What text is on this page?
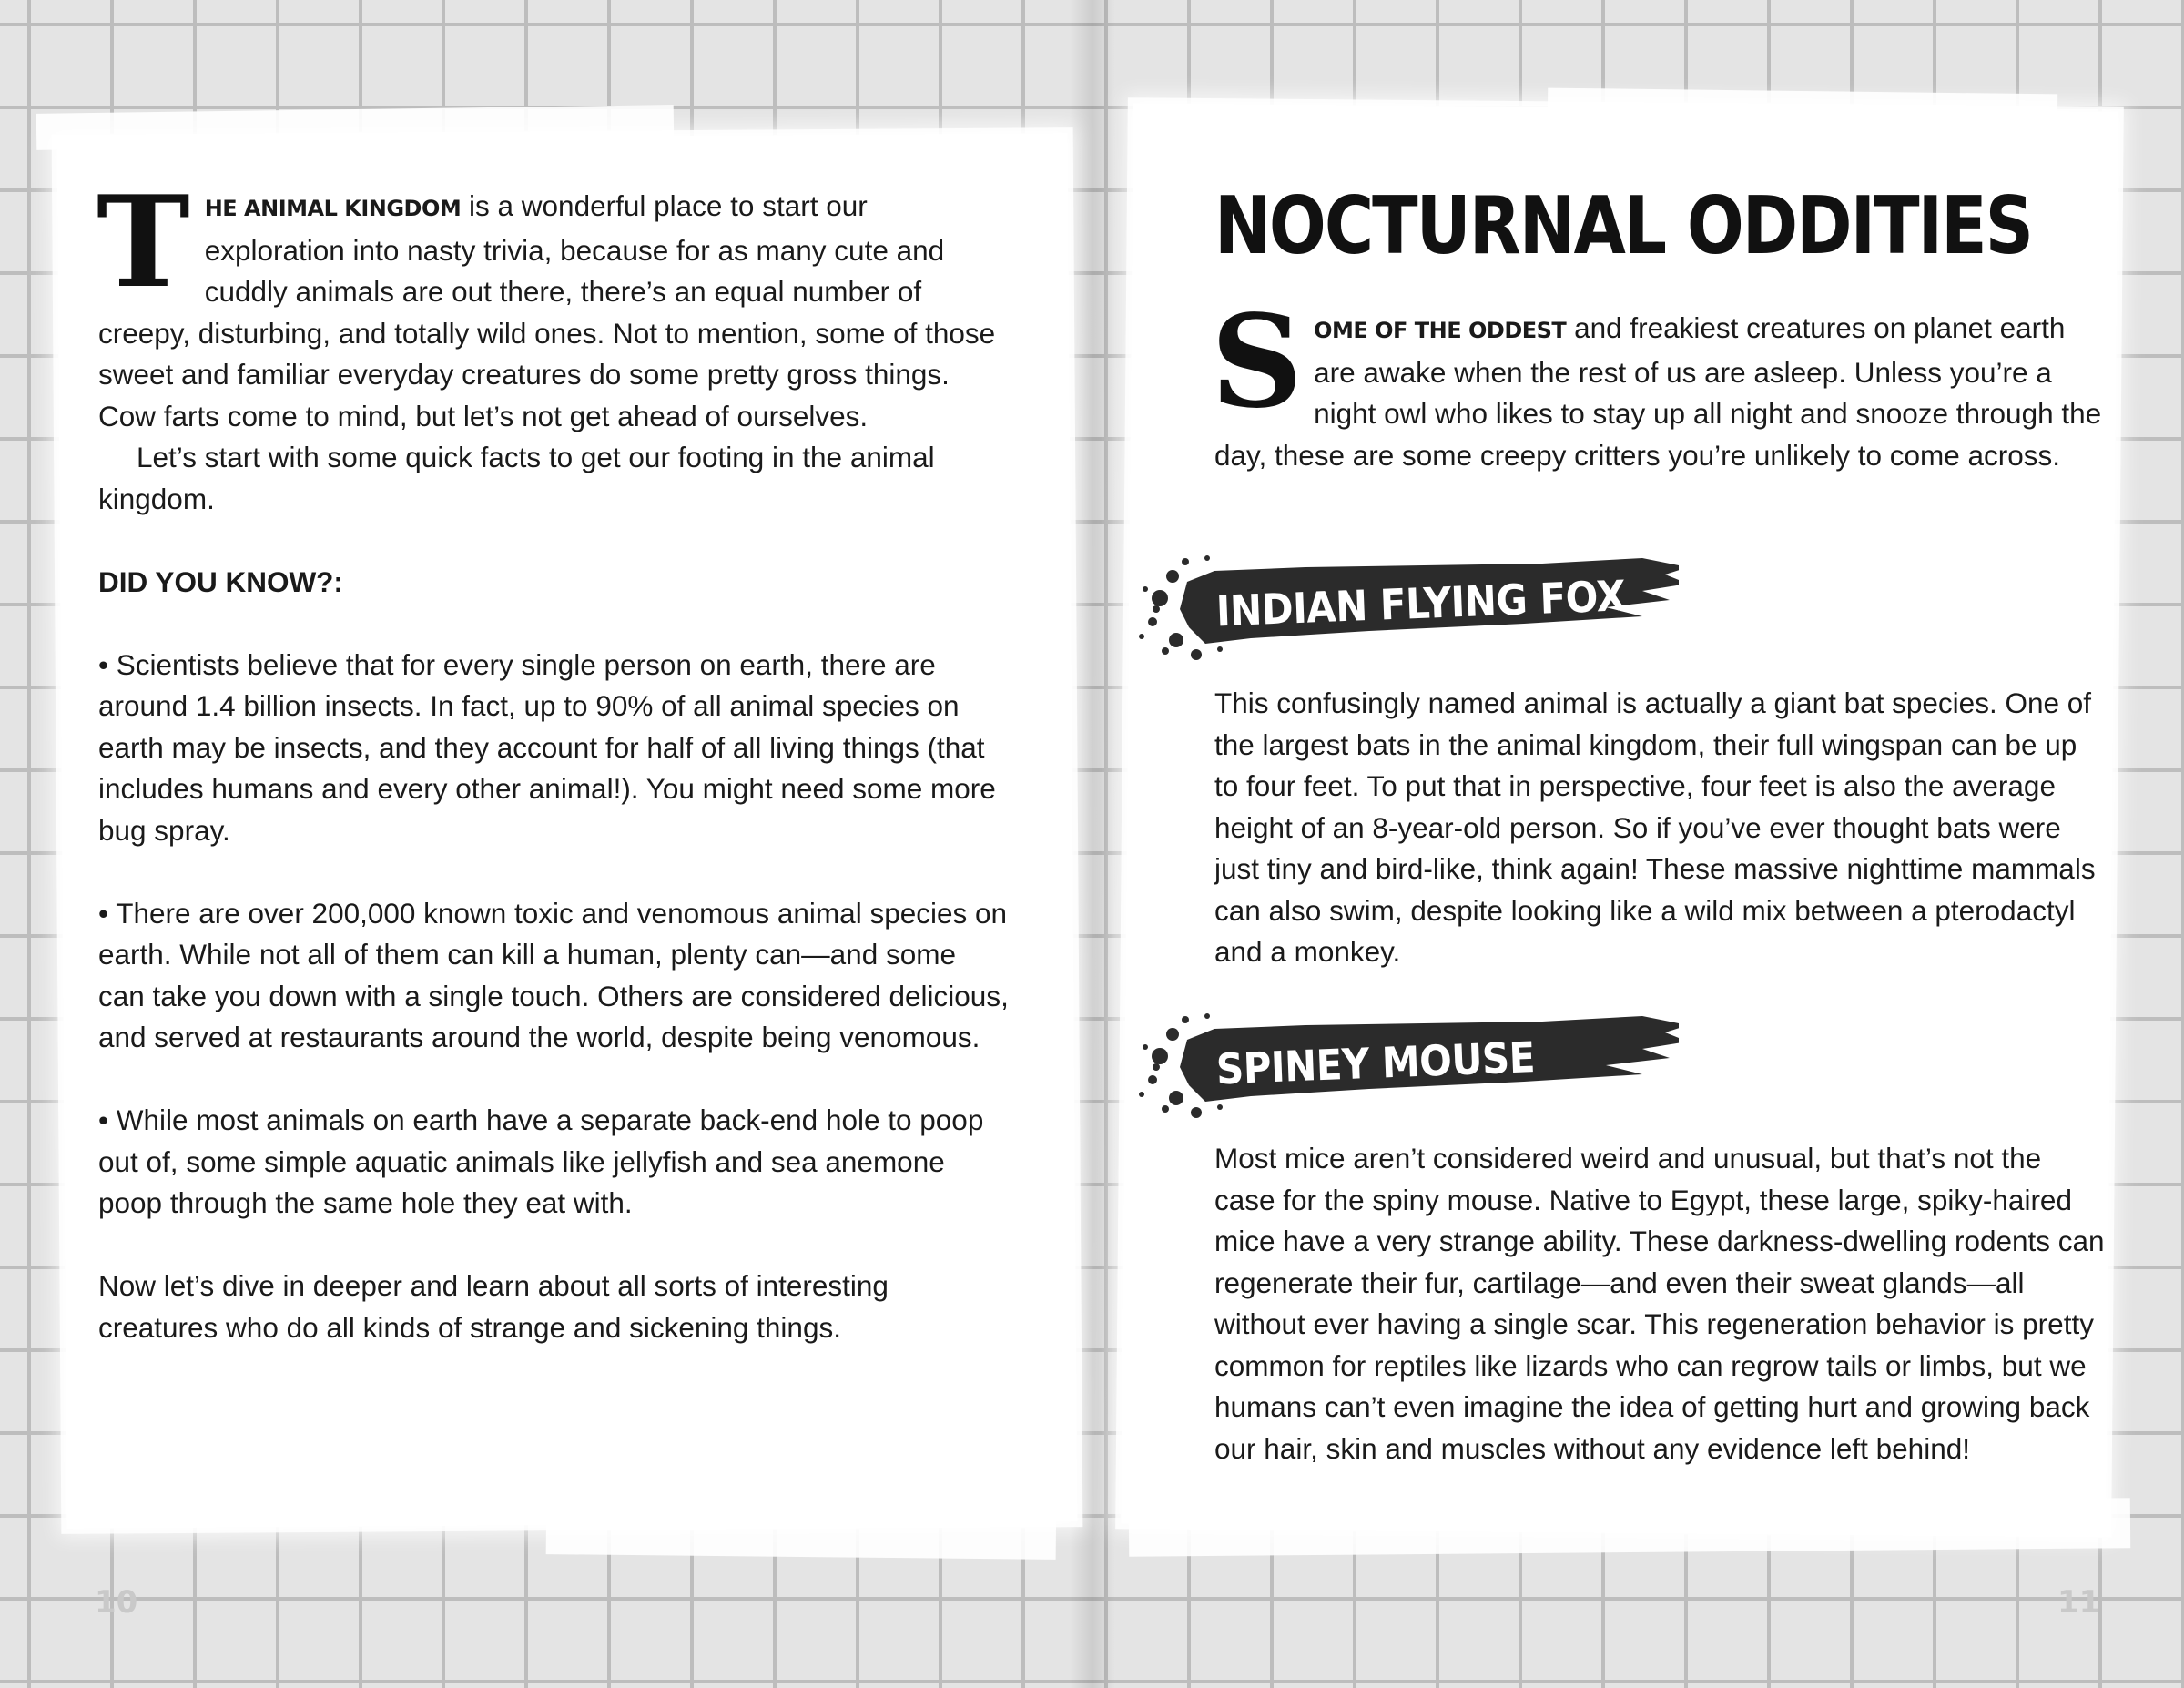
THE ANIMAL KINGDOM is a wonderful place to start our exploration into nasty trivia, because for as many cute and cuddly animals are out there, there’s an equal number of creepy, disturbing, and totally wild ones. Not to mention, some of those sweet and familiar everyday creatures do some pretty gross things. Cow farts come to mind, but let’s not get ahead of ourselves.

Let’s start with some quick facts to get our footing in the animal kingdom.

DID YOU KNOW?:

• Scientists believe that for every single person on earth, there are around 1.4 billion insects. In fact, up to 90% of all animal species on earth may be insects, and they account for half of all living things (that includes humans and every other animal!). You might need some more bug spray.

• There are over 200,000 known toxic and venomous animal species on earth. While not all of them can kill a human, plenty can—and some can take you down with a single touch. Others are considered delicious, and served at restaurants around the world, despite being venomous.

• While most animals on earth have a separate back-end hole to poop out of, some simple aquatic animals like jellyfish and sea anemone poop through the same hole they eat with.

Now let’s dive in deeper and learn about all sorts of interesting creatures who do all kinds of strange and sickening things.

10
NOCTURNAL ODDITIES

SOME OF THE ODDEST and freakiest creatures on planet earth are awake when the rest of us are asleep. Unless you’re a night owl who likes to stay up all night and snooze through the day, these are some creepy critters you’re unlikely to come across.

INDIAN FLYING FOX

This confusingly named animal is actually a giant bat species. One of the largest bats in the animal kingdom, their full wingspan can be up to four feet. To put that in perspective, four feet is also the average height of an 8-year-old person. So if you’ve ever thought bats were just tiny and bird-like, think again! These massive nighttime mammals can also swim, despite looking like a wild mix between a pterodactyl and a monkey.

SPINEY MOUSE

Most mice aren’t considered weird and unusual, but that’s not the case for the spiny mouse. Native to Egypt, these large, spiky-haired mice have a very strange ability. These darkness-dwelling rodents can regenerate their fur, cartilage—and even their sweat glands—all without ever having a single scar. This regeneration behavior is pretty common for reptiles like lizards who can regrow tails or limbs, but we humans can’t even imagine the idea of getting hurt and growing back our hair, skin and muscles without any evidence left behind!

11
